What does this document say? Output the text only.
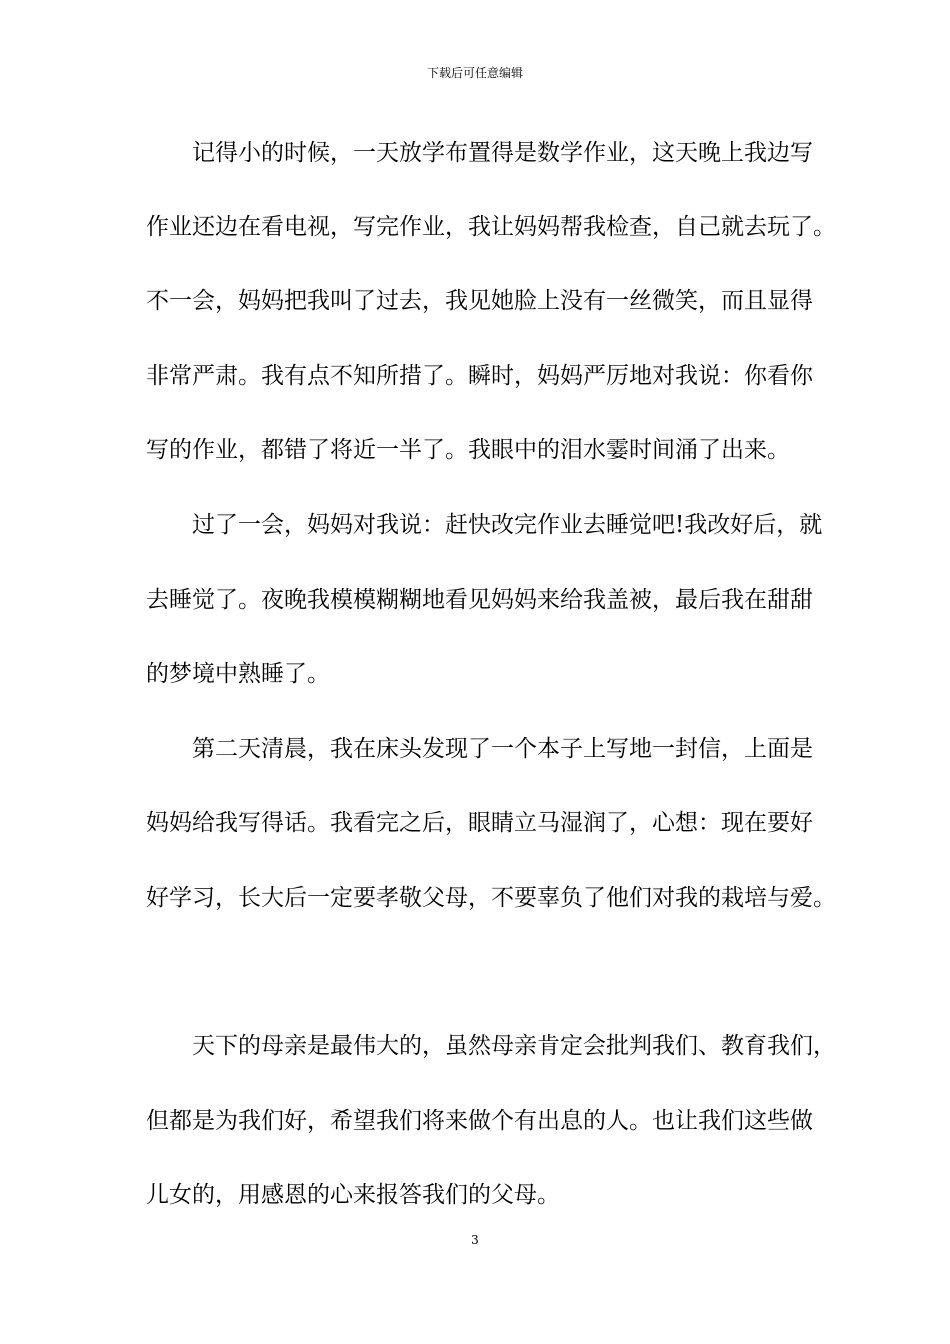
下载后可任意编辑
记得小的时候，一天放学布置得是数学作业，这天晚上我边写
作业还边在看电视，写完作业，我让妈妈帮我检查，自己就去玩了。
不一会，妈妈把我叫了过去，我见她脸上没有一丝微笑，而且显得
非常严肃。我有点不知所措了。瞬时，妈妈严厉地对我说：你看你
写的作业，都错了将近一半了。我眼中的泪水霎时间涌了出来。
过了一会，妈妈对我说：赶快改完作业去睡觉吧!我改好后，就
去睡觉了。夜晚我模模糊糊地看见妈妈来给我盖被，最后我在甜甜
的梦境中熟睡了。
第二天清晨，我在床头发现了一个本子上写地一封信，上面是
妈妈给我写得话。我看完之后，眼睛立马湿润了，心想：现在要好
好学习，长大后一定要孝敬父母，不要辜负了他们对我的栽培与爱。
天下的母亲是最伟大的，虽然母亲肯定会批判我们、教育我们，
但都是为我们好，希望我们将来做个有出息的人。也让我们这些做
儿女的，用感恩的心来报答我们的父母。
3
